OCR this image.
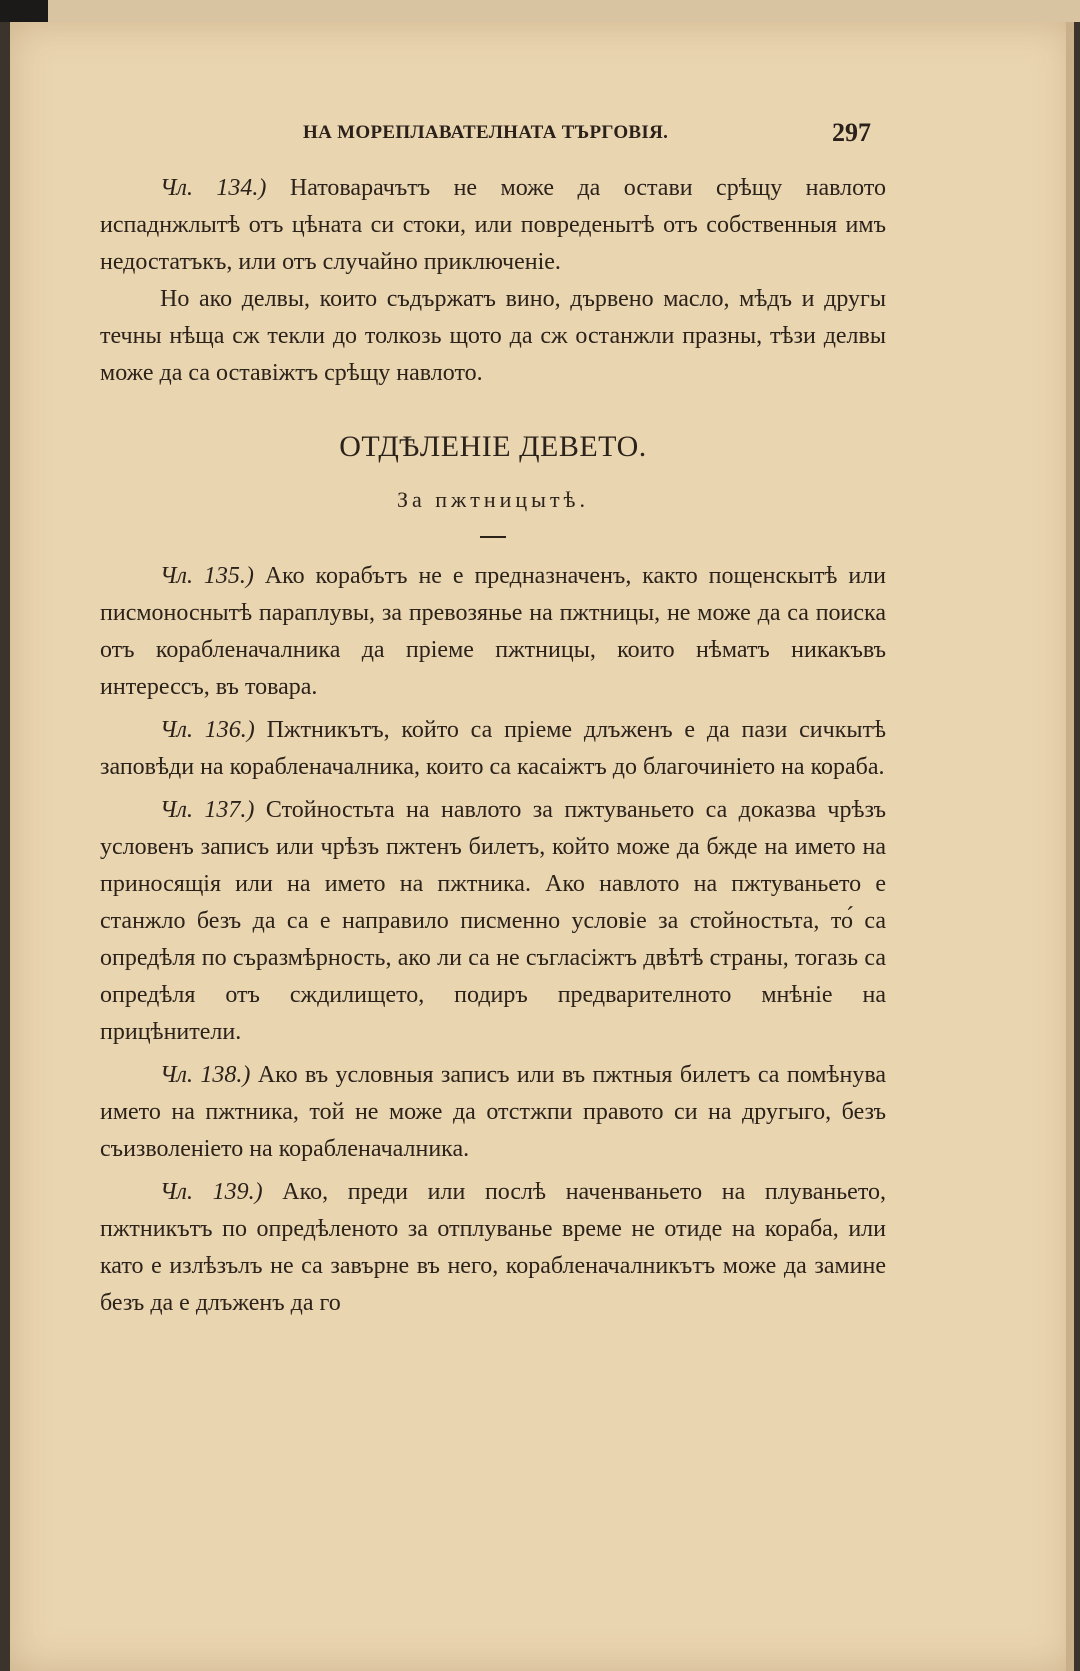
НА МОРЕПЛАВАТЕЛНАТА ТЪРГОВІЯ.	297

Чл. 134.) Натоварачътъ не може да остави срѣщу навлото испаднжлытѣ отъ цѣната си стоки, или повреденытѣ отъ собственныя имъ недостатъкъ, или отъ случайно приключеніе.

Но ако делвы, които съдържатъ вино, дървено масло, мѣдъ и другы течны нѣща сж текли до толкозь щото да сж останжли празны, тѣзи делвы може да са оставіжтъ срѣщу навлото.

ОТДѢЛЕНІЕ ДЕВЕТО.
За пжтницытѣ.

Чл. 135.) Ако корабътъ не е предназначенъ, както пощенскытѣ или писмоноснытѣ параплувы, за превозянье на пжтницы, не може да са поиска отъ корабленачалника да пріеме пжтницы, които нѣматъ никакъвъ интерессъ, въ товара.

Чл. 136.) Пжтникътъ, който са пріеме длъженъ е да пази сичкытѣ заповѣди на корабленачалника, които са касаіжтъ до благочиніето на кораба.

Чл. 137.) Стойностьта на навлото за пжтуваньето са доказва чрѣзъ условенъ записъ или чрѣзъ пжтенъ билетъ, който може да бжде на името на приносящія или на името на пжтника. Ако навлото на пжтуваньето е станжло безъ да са е направило писменно условіе за стойностьта, то́ са опредѣля по съразмѣрность, ако ли са не съгласіжтъ двѣтѣ страны, тогазь са опредѣля отъ сждилището, подиръ предварителното мнѣніе на прицѣнители.

Чл. 138.) Ако въ условныя записъ или въ пжтныя билетъ са помѣнува името на пжтника, той не може да отстжпи правото си на другыго, безъ съизволеніето на корабленачалника.

Чл. 139.) Ако, преди или послѣ наченваньето на плуваньето, пжтникътъ по опредѣленото за отплуванье време не отиде на кораба, или като е излѣзълъ не са завърне въ него, корабленачалникътъ може да замине безъ да е длъженъ да го
